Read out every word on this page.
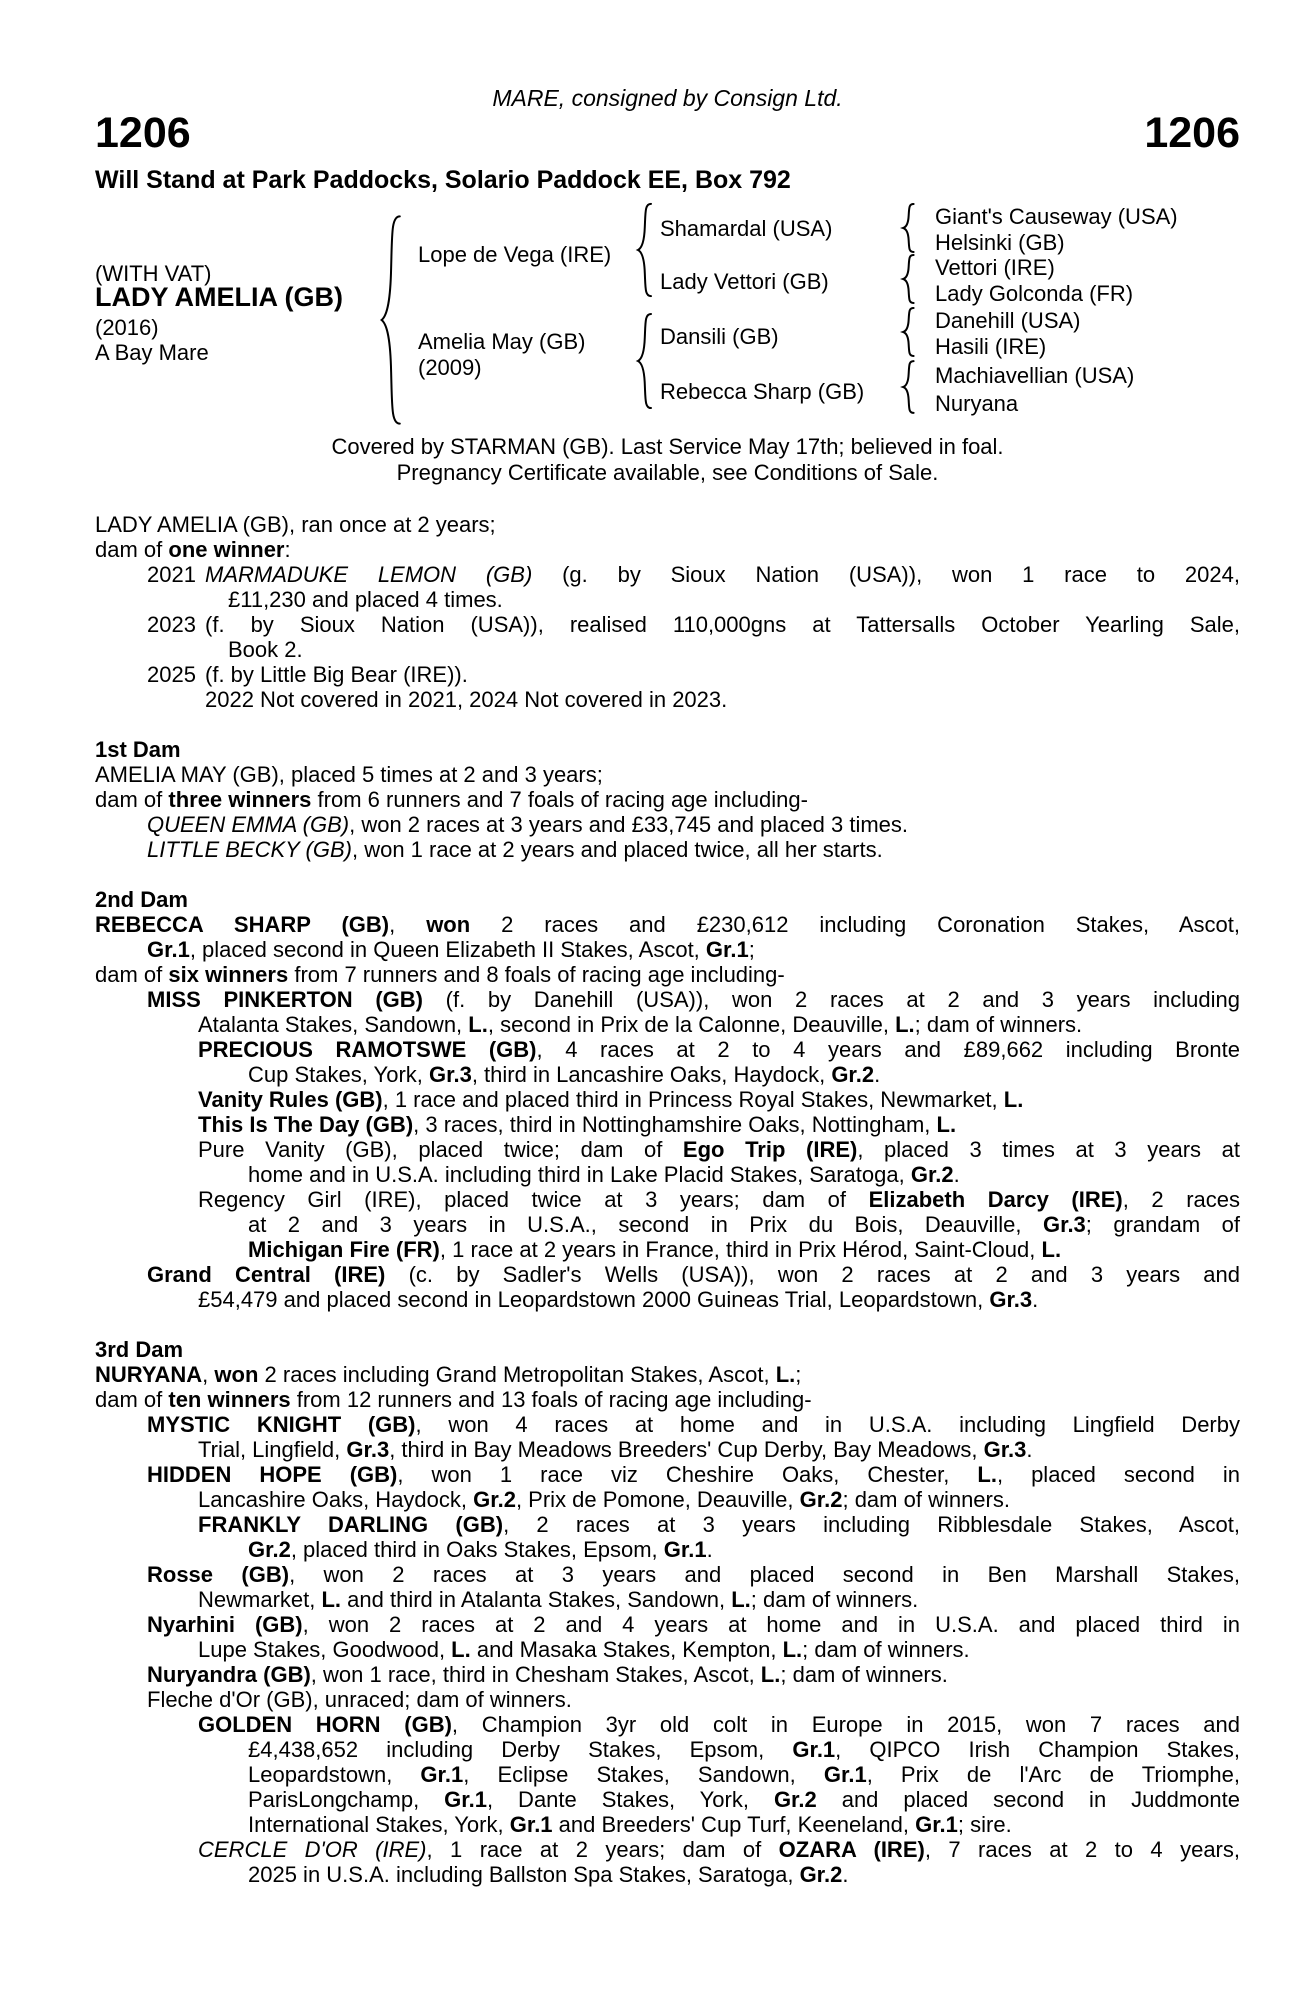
MARE, consigned by Consign Ltd.
1206	1206
Will Stand at Park Paddocks, Solario Paddock EE, Box 792
(WITH VAT)
LADY AMELIA (GB)
(2016)
A Bay Mare
Lope de Vega (IRE)
Amelia May (GB)
(2009)
Shamardal (USA)
Lady Vettori (GB)
Dansili (GB)
Rebecca Sharp (GB)
Giant's Causeway (USA)
Helsinki (GB)
Vettori (IRE)
Lady Golconda (FR)
Danehill (USA)
Hasili (IRE)
Machiavellian (USA)
Nuryana
Covered by STARMAN (GB). Last Service May 17th; believed in foal.
Pregnancy Certificate available, see Conditions of Sale.
LADY AMELIA (GB), ran once at 2 years;
dam of one winner:
2021 MARMADUKE LEMON (GB) (g. by Sioux Nation (USA)), won 1 race to 2024,
£11,230 and placed 4 times.
2023 (f. by Sioux Nation (USA)), realised 110,000gns at Tattersalls October Yearling Sale,
Book 2.
2025 (f. by Little Big Bear (IRE)).
2022 Not covered in 2021, 2024 Not covered in 2023.
1st Dam
AMELIA MAY (GB), placed 5 times at 2 and 3 years;
dam of three winners from 6 runners and 7 foals of racing age including-
QUEEN EMMA (GB), won 2 races at 3 years and £33,745 and placed 3 times.
LITTLE BECKY (GB), won 1 race at 2 years and placed twice, all her starts.
2nd Dam
REBECCA SHARP (GB), won 2 races and £230,612 including Coronation Stakes, Ascot,
Gr.1, placed second in Queen Elizabeth II Stakes, Ascot, Gr.1;
dam of six winners from 7 runners and 8 foals of racing age including-
MISS PINKERTON (GB) (f. by Danehill (USA)), won 2 races at 2 and 3 years including
Atalanta Stakes, Sandown, L., second in Prix de la Calonne, Deauville, L.; dam of winners.
PRECIOUS RAMOTSWE (GB), 4 races at 2 to 4 years and £89,662 including Bronte
Cup Stakes, York, Gr.3, third in Lancashire Oaks, Haydock, Gr.2.
Vanity Rules (GB), 1 race and placed third in Princess Royal Stakes, Newmarket, L.
This Is The Day (GB), 3 races, third in Nottinghamshire Oaks, Nottingham, L.
Pure Vanity (GB), placed twice; dam of Ego Trip (IRE), placed 3 times at 3 years at
home and in U.S.A. including third in Lake Placid Stakes, Saratoga, Gr.2.
Regency Girl (IRE), placed twice at 3 years; dam of Elizabeth Darcy (IRE), 2 races
at 2 and 3 years in U.S.A., second in Prix du Bois, Deauville, Gr.3; grandam of
Michigan Fire (FR), 1 race at 2 years in France, third in Prix Hérod, Saint-Cloud, L.
Grand Central (IRE) (c. by Sadler's Wells (USA)), won 2 races at 2 and 3 years and
£54,479 and placed second in Leopardstown 2000 Guineas Trial, Leopardstown, Gr.3.
3rd Dam
NURYANA, won 2 races including Grand Metropolitan Stakes, Ascot, L.;
dam of ten winners from 12 runners and 13 foals of racing age including-
MYSTIC KNIGHT (GB), won 4 races at home and in U.S.A. including Lingfield Derby
Trial, Lingfield, Gr.3, third in Bay Meadows Breeders' Cup Derby, Bay Meadows, Gr.3.
HIDDEN HOPE (GB), won 1 race viz Cheshire Oaks, Chester, L., placed second in
Lancashire Oaks, Haydock, Gr.2, Prix de Pomone, Deauville, Gr.2; dam of winners.
FRANKLY DARLING (GB), 2 races at 3 years including Ribblesdale Stakes, Ascot,
Gr.2, placed third in Oaks Stakes, Epsom, Gr.1.
Rosse (GB), won 2 races at 3 years and placed second in Ben Marshall Stakes,
Newmarket, L. and third in Atalanta Stakes, Sandown, L.; dam of winners.
Nyarhini (GB), won 2 races at 2 and 4 years at home and in U.S.A. and placed third in
Lupe Stakes, Goodwood, L. and Masaka Stakes, Kempton, L.; dam of winners.
Nuryandra (GB), won 1 race, third in Chesham Stakes, Ascot, L.; dam of winners.
Fleche d'Or (GB), unraced; dam of winners.
GOLDEN HORN (GB), Champion 3yr old colt in Europe in 2015, won 7 races and
£4,438,652 including Derby Stakes, Epsom, Gr.1, QIPCO Irish Champion Stakes,
Leopardstown, Gr.1, Eclipse Stakes, Sandown, Gr.1, Prix de l'Arc de Triomphe,
ParisLongchamp, Gr.1, Dante Stakes, York, Gr.2 and placed second in Juddmonte
International Stakes, York, Gr.1 and Breeders' Cup Turf, Keeneland, Gr.1; sire.
CERCLE D'OR (IRE), 1 race at 2 years; dam of OZARA (IRE), 7 races at 2 to 4 years,
2025 in U.S.A. including Ballston Spa Stakes, Saratoga, Gr.2.
